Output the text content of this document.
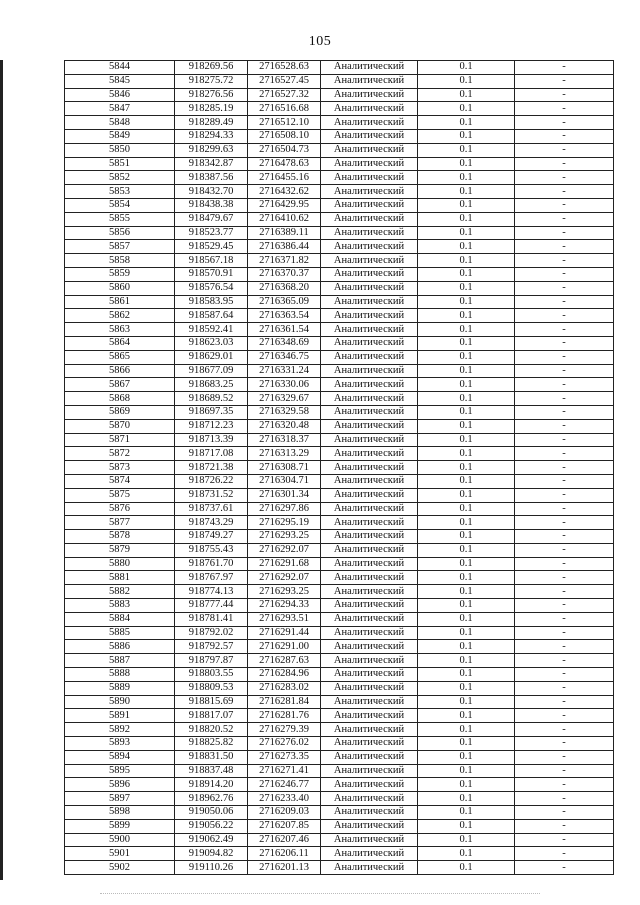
105
5844	918269.56	2716528.63	Аналитический	0.1	-
5845	918275.72	2716527.45	Аналитический	0.1	-
5846	918276.56	2716527.32	Аналитический	0.1	-
5847	918285.19	2716516.68	Аналитический	0.1	-
5848	918289.49	2716512.10	Аналитический	0.1	-
5849	918294.33	2716508.10	Аналитический	0.1	-
5850	918299.63	2716504.73	Аналитический	0.1	-
5851	918342.87	2716478.63	Аналитический	0.1	-
5852	918387.56	2716455.16	Аналитический	0.1	-
5853	918432.70	2716432.62	Аналитический	0.1	-
5854	918438.38	2716429.95	Аналитический	0.1	-
5855	918479.67	2716410.62	Аналитический	0.1	-
5856	918523.77	2716389.11	Аналитический	0.1	-
5857	918529.45	2716386.44	Аналитический	0.1	-
5858	918567.18	2716371.82	Аналитический	0.1	-
5859	918570.91	2716370.37	Аналитический	0.1	-
5860	918576.54	2716368.20	Аналитический	0.1	-
5861	918583.95	2716365.09	Аналитический	0.1	-
5862	918587.64	2716363.54	Аналитический	0.1	-
5863	918592.41	2716361.54	Аналитический	0.1	-
5864	918623.03	2716348.69	Аналитический	0.1	-
5865	918629.01	2716346.75	Аналитический	0.1	-
5866	918677.09	2716331.24	Аналитический	0.1	-
5867	918683.25	2716330.06	Аналитический	0.1	-
5868	918689.52	2716329.67	Аналитический	0.1	-
5869	918697.35	2716329.58	Аналитический	0.1	-
5870	918712.23	2716320.48	Аналитический	0.1	-
5871	918713.39	2716318.37	Аналитический	0.1	-
5872	918717.08	2716313.29	Аналитический	0.1	-
5873	918721.38	2716308.71	Аналитический	0.1	-
5874	918726.22	2716304.71	Аналитический	0.1	-
5875	918731.52	2716301.34	Аналитический	0.1	-
5876	918737.61	2716297.86	Аналитический	0.1	-
5877	918743.29	2716295.19	Аналитический	0.1	-
5878	918749.27	2716293.25	Аналитический	0.1	-
5879	918755.43	2716292.07	Аналитический	0.1	-
5880	918761.70	2716291.68	Аналитический	0.1	-
5881	918767.97	2716292.07	Аналитический	0.1	-
5882	918774.13	2716293.25	Аналитический	0.1	-
5883	918777.44	2716294.33	Аналитический	0.1	-
5884	918781.41	2716293.51	Аналитический	0.1	-
5885	918792.02	2716291.44	Аналитический	0.1	-
5886	918792.57	2716291.00	Аналитический	0.1	-
5887	918797.87	2716287.63	Аналитический	0.1	-
5888	918803.55	2716284.96	Аналитический	0.1	-
5889	918809.53	2716283.02	Аналитический	0.1	-
5890	918815.69	2716281.84	Аналитический	0.1	-
5891	918817.07	2716281.76	Аналитический	0.1	-
5892	918820.52	2716279.39	Аналитический	0.1	-
5893	918825.82	2716276.02	Аналитический	0.1	-
5894	918831.50	2716273.35	Аналитический	0.1	-
5895	918837.48	2716271.41	Аналитический	0.1	-
5896	918914.20	2716246.77	Аналитический	0.1	-
5897	918962.76	2716233.40	Аналитический	0.1	-
5898	919050.06	2716209.03	Аналитический	0.1	-
5899	919056.22	2716207.85	Аналитический	0.1	-
5900	919062.49	2716207.46	Аналитический	0.1	-
5901	919094.82	2716206.11	Аналитический	0.1	-
5902	919110.26	2716201.13	Аналитический	0.1	-
